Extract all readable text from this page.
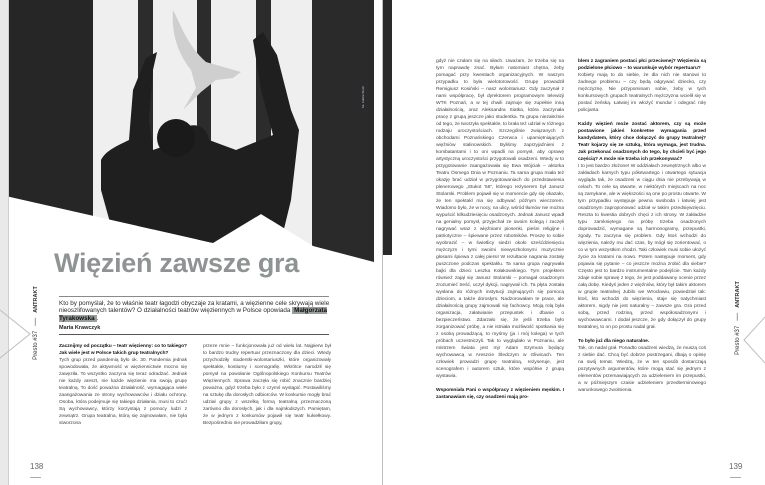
fot. Adobe Stock
Więzień zawsze gra

Kto by pomyślał, że to właśnie teatr łagodzi obyczaje za kratami, a więzienne cele skrywają wiele nieoszlifowanych talentów? O działalności teatrów więziennych w Polsce opowiada Małgorzata Tyrakowska .

Maria Krawczyk

Zacznijmy od początku – teatr więzienny: co to takiego? Jak wiele jest w Polsce takich grup teatralnych?

Tych grup przed pandemią było ok. 30. Pandemia jednak spowodowała, że aktywność w więziennictwie mocno się zawęziła. To wszystko zaczyna się teraz odradzać. Jednak nie każdy areszt, nie każde więzienie ma swoją grupę teatralną. To dość poważna działalność, wymagająca wiele zaangażowania ze strony wychowawców i działu ochrony. Osoba, która podejmuje się takiego działania, musi to czuć! Są wychowawcy, którzy korzystają z pomocy ludzi z zewnątrz. Grupa teatralna, którą się zajmowałam, nie była stworzona

przeze mnie – funkcjonowała już od wielu lat. Najpierw był to bardzo trudny repertuar przeznaczony dla dzieci. Wtedy przychodziły studentki-wolontariuszki, które organizowały spektakle, kostiumy i scenografię. Wkrótce narodził się pomysł na powołanie Ogólnopolskiego Konkursu Teatrów Więziennych. Sprawa zaczęła się robić znacznie bardziej poważna, gdyż trzeba było z czymś wystąpić. Postawiliśmy na sztukę dla dorosłych odbiorców. W konkursie mogły brać udział grupy z wszelką formą teatralną przeznaczoną zarówno dla dorosłych, jak i dla najmłodszych. Pamiętam, że w jednym z konkursów pojawił się teatr kukiełkowy. Bezpośrednio nie prowadziłam grupy,

Presto #37ANTRAKT
138

gdyż nie czułam się na siłach. Uważam, że trzeba się na tym naprawdę znać. Byłam natomiast chętna, żeby pomagać przy kwestiach organizacyjnych. W naszym przypadku to była wielotorowość. Grupę prowadził Remigiusz Kosiński – nasz wolontariusz. Gdy zaczynał z nami współpracę, był dyrektorem programowym telewizji WTK Poznań, a w tej chwili zajmuje się zupełnie inną działalnością, oraz Aleksandra Siatka, która zaczynała pracę z grupą jeszcze jako studentka. Ta grupa niezależnie od tego, że tworzyła spektakle, to brała też udział w różnego rodzaju uroczystościach. Szczególnie związanych z obchodami Poznańskiego Czerwca i upamiętniających więźniów stalinowskich. Byliśmy zaprzyjaźnieni z kombatantami i to oni wpadli na pomysł, aby oprawę artystyczną uroczystości przygotowali osadzeni. Wtedy w to przygotowanie zaangażowała się Ewa Wójciak – aktorka Teatru Ósmego Dnia w Poznaniu. Ta sama grupa miała też okazję brać udział w przygotowaniach do przedstawienia plenerowego „Stukot '56”, którego reżyserem był Janusz Stolarski. Problem pojawił się w momencie gdy się okazało, że ten spektakl ma się odbywać późnym wieczorem. Wiadomo było, że w nocy, na ulicy, wśród tłumów nie można wypuścić kilkudziesięciu osadzonych. Jednak Janusz wpadł na genialny pomysł, przyjechał ze swoim kolegą i zaczęli nagrywać wraz z więźniami piosenki, pieśni religijne i patriotyczne – śpiewane przez robotników. Proszę to sobie wyobrazić – w świetlicy siedzi około sześćdziesięciu mężczyzn i tymi swoimi niewyszkolonymi muzycznie głosami śpiewa z całej piersi! W rezultacie nagrania zostały puszczone podczas spektaklu. Ta sama grupa nagrywała bajki dla dzieci Leszka Kołakowskiego. Tym projektem również zajął się Janusz Stolarski – pomagał osadzonym zrozumieć treść, uczył dykcji, nagrywał ich. Ta płyta została wysłana do różnych instytucji zajmujących się pomocą dzieciom, a także dorosłym. Nadzorowałam te prace, ale działalnością grupy zajmowali się fachowcy. Moją rolą była organizacja, załatwianie przepustek i dbanie o bezpieczeństwo. Zdarzało się, że jeśli trzeba było zorganizować próbę, a nie istniała możliwość spotkania się z osobą prowadzącą, to myśmy (ja i mój kolega) w tych próbach uczestniczyli. Tak to wyglądało w Poznaniu, ale mistrzem świata jest mjr Adam Szymura będący wychowawcą w Areszcie Śledczym w Gliwicach. Ten człowiek prowadzi grupę teatralną, reżyseruje, jest scenografem i autorem sztuk, które wspólnie z grupą wystawia.

Wspomniała Pani o współpracy z więzieniem męskim. I zastanawiam się, czy osadzeni mają pro-

blem z zagraniem postaci płci przeciwnej? Więzienia są podzielone płciowo – to warunkuje wybór repertuaru?

Kobiety mają to do siebie, że dla nich nie stanowi to żadnego problemu – czy będą odgrywać dziecko, czy mężczyznę. Nie przypominam sobie, żeby w tych konkursowych grupach teatralnych mężczyzna wcielił się w postać żeńską. Łatwiej im włożyć mundur i odegrać rolę policjanta.

Każdy więzień może zostać aktorem, czy są może postawione jakieś konkretne wymagania przed kandydatem, który chce dołączyć do grupy teatralnej? Teatr kojarzy się ze sztuką, która wymaga, jest trudna. Jak przekonać osadzonych do tego, by chcieli być jego częścią? A może nie trzeba ich przekonywać?

I to jest bardzo złożone! W oddziałach zewnętrznych albo w zakładach karnych typu półotwartego i otwartego sytuacja wygląda tak, że osadzeni w ciągu dnia nie przebywają w celach. To cele są otwarte, w niektórych miejscach na noc są zamykane, ale w większości są one po prostu otwarte. W tym przypadku występuje pewna swoboda i łatwiej jest osadzonym zaproponować udział w takim przedsięwzięciu. Reszta to kwestia dobrych chęci z ich strony. W zakładzie typu zamkniętego na próbę trzeba osadzonych doprowadzić, wymagane są harmonogramy, przepustki, zgody. Tu zaczyna się problem. Gdy ktoś wchodzi do więzienia, należy mu dać czas, by mógł się zorientować, o co w tym wszystkim chodzi. Taki człowiek musi sobie ułożyć życie za kratami na nowo. Potem następuje moment, gdy pojawia się pytanie – co jeszcze można zrobić dla siebie? Często jest to bardzo instrumentalne podejście. Tam każdy zdaje sobie sprawę z tego, że jest poddawany ocenie przez całą dobę. Kiedyś jeden z więźniów, który był takim aktorem w grupie teatralnej Jubilo we Wrocławiu, powiedział tak: ktoś, kto wchodzi do więzienia, staje się natychmiast aktorem, nigdy nie jest naturalny – zawsze gra. Gra przed sobą, przed rodziną, przed współosadzonymi i wychowawcami. I dodał jeszcze, że gdy dołączył do grupy teatralnej, to on po prostu nadal grał.

To było już dla niego naturalne.

Tak, on nadal grał. Ponadto osadzeni wiedzą, że muszą coś z siebie dać. Chcą być dobrze postrzegani, dbają o opinię na swój temat. Wiedzą, że w ten sposób dostarczają pozytywnych argumentów, które mogą stać się jednym z elementów przemawiających za udzieleniem im przepustki, a w późniejszym czasie udzieleniem przedterminowego warunkowego zwolnienia.

Presto #37ANTRAKT
139
